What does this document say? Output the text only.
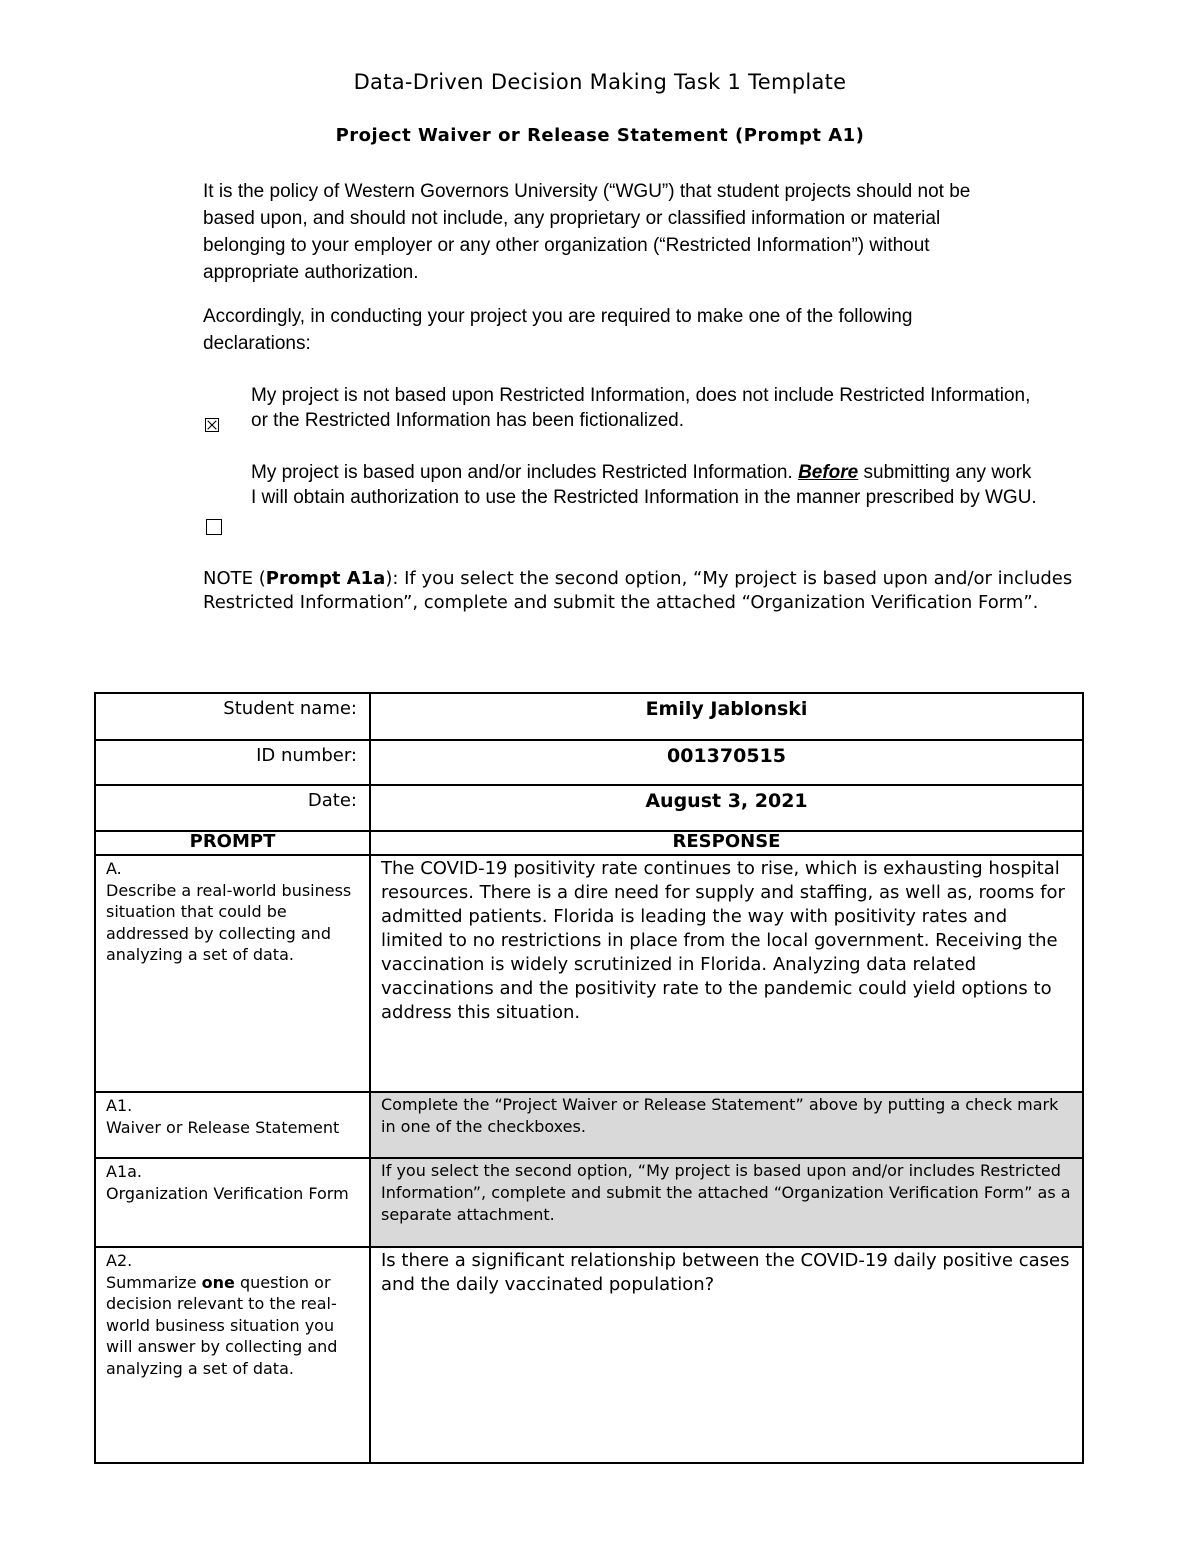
Data-Driven Decision Making Task 1 Template
Project Waiver or Release Statement (Prompt A1)
It is the policy of Western Governors University (“WGU”) that student projects should not be based upon, and should not include, any proprietary or classified information or material belonging to your employer or any other organization (“Restricted Information”) without appropriate authorization.
Accordingly, in conducting your project you are required to make one of the following declarations:
My project is not based upon Restricted Information, does not include Restricted Information, or the Restricted Information has been fictionalized.
My project is based upon and/or includes Restricted Information. Before submitting any work I will obtain authorization to use the Restricted Information in the manner prescribed by WGU.
NOTE (Prompt A1a): If you select the second option, “My project is based upon and/or includes Restricted Information”, complete and submit the attached “Organization Verification Form”.
Student name:	Emily Jablonski
ID number:	001370515
Date:	August 3, 2021
PROMPT	RESPONSE

A.
Describe a real-world business situation that could be addressed by collecting and analyzing a set of data.	The COVID-19 positivity rate continues to rise, which is exhausting hospital resources. There is a dire need for supply and staffing, as well as, rooms for admitted patients. Florida is leading the way with positivity rates and limited to no restrictions in place from the local government. Receiving the vaccination is widely scrutinized in Florida. Analyzing data related vaccinations and the positivity rate to the pandemic could yield options to address this situation.

A1.
Waiver or Release Statement	Complete the “Project Waiver or Release Statement” above by putting a check mark in one of the checkboxes.

A1a.
Organization Verification Form	If you select the second option, “My project is based upon and/or includes Restricted Information”, complete and submit the attached “Organization Verification Form” as a separate attachment.

A2.
Summarize one question or decision relevant to the real-world business situation you will answer by collecting and analyzing a set of data.	Is there a significant relationship between the COVID-19 daily positive cases and the daily vaccinated population?
